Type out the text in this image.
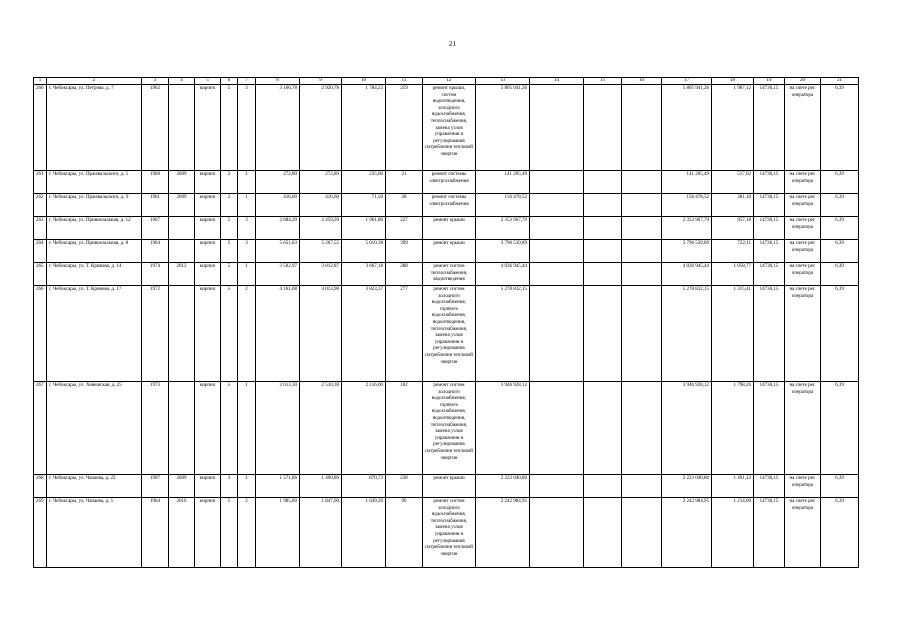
21
1	2	3	4	5	6	7	8	9	10	11	12	13	14	15	16	17	18	19	20	21
260	г. Чебоксары, ул. Петрова, д. 7	1962		кирпич	5	3	3 166,78	2 920,78	1 784,22	259	ремонт крыши, систем водоотведения, холодного водоснабжения, теплоснабжения, замена узлов управления и регулирования потребления тепловой энергии	5 805 941,26				5 805 941,26	1 987,12	14736,15	на счете рег. оператора	6,39
261	г. Чебоксары, ул. Пржевальского, д. 5	1960	2009	кирпич	2	1	272,80	272,80	235,00	21	ремонт системы электроснабжения	141 205,49				141 205,49	517,62	14736,15	на счете рег. оператора	6,39
262	г. Чебоксары, ул. Пржевальского, д. 9	1961	2009	кирпич	2	1	416,60	416,60	71,50	28	ремонт системы электроснабжения	156 478,52				156 478,52	381,10	14736,15	на счете рег. оператора	6,39
263	г. Чебоксары, ул. Привокзальная, д. 12	1967		кирпич	5	3	2 684,20	2 459,20	1 961,80	227	ремонт крыши	2 353 967,79				2 353 967,79	957,18	14736,15	на счете рег. оператора	6,39
264	г. Чебоксары, ул. Привокзальная, д. 8	1964		кирпич	5	3	5 651,83	5 267,55	5 010,38	399	ремонт крыши	3 796 539,89				3 796 539,89	722,11	14736,15	на счете рег. оператора	6,39
265	г. Чебоксары, ул. Т. Кривова, д. 14	1974	2012	кирпич	5	1	3 502,97	3 812,87	3 667,18	288	ремонт систем теплоснабжения, водоотведения	4 036 945,44				4 036 945,44	1 058,77	14736,15	на счете рег. оператора	6,39
266	г. Чебоксары, ул. Т. Кривова, д. 17	1972		кирпич	5	2	4 161,08	4 013,98	3 823,37	277	ремонт систем холодного водоснабжения, горячего водоснабжения, водоотведения, теплоснабжения, замена узлов управления и регулирования потребления тепловой энергии	5 278 832,15				5 278 832,15	1 315,41	14736,15	на счете рег. оператора	6,39
267	г. Чебоксары, ул. Хевешская, д. 25	1973		кирпич	5	1	2 613,30	2 510,30	2 116,00	102	ремонт систем холодного водоснабжения, горячего водоснабжения, водоотведения, теплоснабжения, замена узлов управления и регулирования потребления тепловой энергии	3 946 928,12				3 946 928,12	1 798,26	14736,15	на счете рег. оператора	6,39
268	г. Чебоксары, ул. Чапаева, д. 22	1997	2009	кирпич	3	1	1 571,86	1 490,86	870,73	238	ремонт крыши	2 223 040,80				2 223 040,80	1 491,12	14736,15	на счете рег. оператора	6,39
269	г. Чебоксары, ул. Чапаева, д. 5	1964	2016	кирпич	5	2	1 985,80	1 847,00	1 649,20	90	ремонт систем холодного водоснабжения, теплоснабжения, замена узлов управления и регулирования потребления тепловой энергии	2 242 984,95				2 242 984,95	1 214,00	14736,15	на счете рег. оператора	6,39
